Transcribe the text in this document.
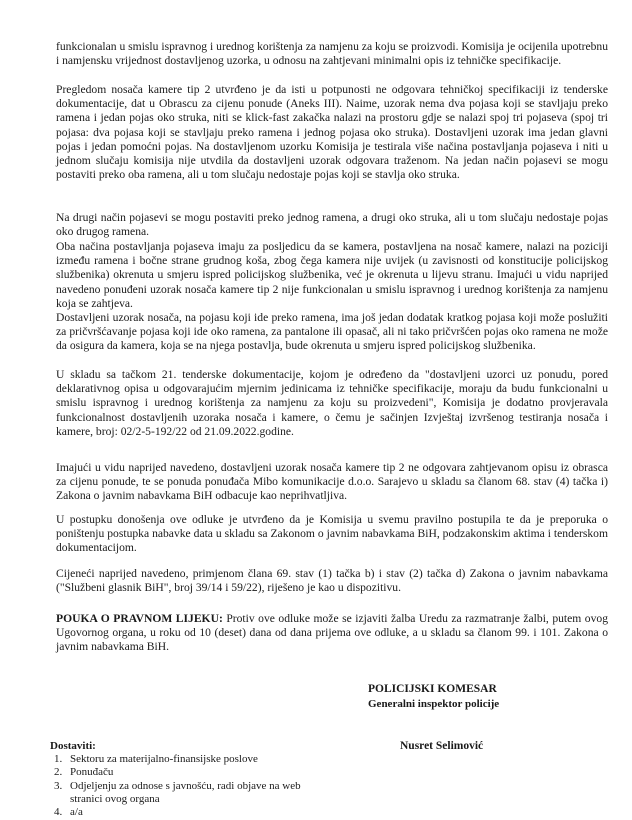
funkcionalan u smislu ispravnog i urednog korištenja za namjenu za koju se proizvodi. Komisija je ocijenila upotrebnu i namjensku vrijednost dostavljenog uzorka, u odnosu na zahtjevani minimalni opis iz tehničke specifikacije.
Pregledom nosača kamere tip 2 utvrđeno je da isti u potpunosti ne odgovara tehničkoj specifikaciji iz tenderske dokumentacije, dat u Obrascu za cijenu ponude (Aneks III). Naime, uzorak nema dva pojasa koji se stavljaju preko ramena i jedan pojas oko struka, niti se klick-fast zakačka nalazi na prostoru gdje se nalazi spoj tri pojaseva (spoj tri pojasa: dva pojasa koji se stavljaju preko ramena i jednog pojasa oko struka). Dostavljeni uzorak ima jedan glavni pojas i jedan pomoćni pojas. Na dostavljenom uzorku Komisija je testirala više načina postavljanja pojaseva i niti u jednom slučaju komisija nije utvdila da dostavljeni uzorak odgovara traženom. Na jedan način pojasevi se mogu postaviti preko oba ramena, ali u tom slučaju nedostaje pojas koji se stavlja oko struka.
Na drugi način pojasevi se mogu postaviti preko jednog ramena, a drugi oko struka, ali u tom slučaju nedostaje pojas oko drugog ramena.
Oba načina postavljanja pojaseva imaju za posljedicu da se kamera, postavljena na nosač kamere, nalazi na poziciji između ramena i bočne strane grudnog koša, zbog čega kamera nije uvijek (u zavisnosti od konstitucije policijskog službenika) okrenuta u smjeru ispred policijskog službenika, već je okrenuta u lijevu stranu. Imajući u vidu naprijed navedeno ponuđeni uzorak nosača kamere tip 2 nije funkcionalan u smislu ispravnog i urednog korištenja za namjenu koja se zahtjeva.
Dostavljeni uzorak nosača, na pojasu koji ide preko ramena, ima još jedan dodatak kratkog pojasa koji može poslužiti za pričvršćavanje pojasa koji ide oko ramena, za pantalone ili opasač, ali ni tako pričvršćen pojas oko ramena ne može da osigura da kamera, koja se na njega postavlja, bude okrenuta u smjeru ispred policijskog službenika.
U skladu sa tačkom 21. tenderske dokumentacije, kojom je određeno da "dostavljeni uzorci uz ponudu, pored deklarativnog opisa u odgovarajućim mjernim jedinicama iz tehničke specifikacije, moraju da budu funkcionalni u smislu ispravnog i urednog korištenja za namjenu za koju su proizvedeni", Komisija je dodatno provjeravala funkcionalnost dostavljenih uzoraka nosača i kamere, o čemu je sačinjen Izvještaj izvršenog testiranja nosača i kamere, broj: 02/2-5-192/22 od 21.09.2022.godine.
Imajući u vidu naprijed navedeno, dostavljeni uzorak nosača kamere tip 2 ne odgovara zahtjevanom opisu iz obrasca za cijenu ponude, te se ponuda ponuđača Mibo komunikacije d.o.o. Sarajevo u skladu sa članom 68. stav (4) tačka i) Zakona o javnim nabavkama BiH odbacuje kao neprihvatljiva.
U postupku donošenja ove odluke je utvrđeno da je Komisija u svemu pravilno postupila te da je preporuka o poništenju postupka nabavke data u skladu sa Zakonom o javnim nabavkama BiH, podzakonskim aktima i tenderskom dokumentacijom.
Cijeneći naprijed navedeno, primjenom člana 69. stav (1) tačka b) i stav (2) tačka d) Zakona o javnim nabavkama ("Službeni glasnik BiH", broj 39/14 i 59/22), riješeno je kao u dispozitivu.
POUKA O PRAVNOM LIJEKU: Protiv ove odluke može se izjaviti žalba Uredu za razmatranje žalbi, putem ovog Ugovornog organa, u roku od 10 (deset) dana od dana prijema ove odluke, a u skladu sa članom 99. i 101. Zakona o javnim nabavkama BiH.
POLICIJSKI KOMESAR
Generalni inspektor policije
Nusret Selimović
Dostaviti:
1. Sektoru za materijalno-finansijske poslove
2. Ponuđaču
3. Odjeljenju za odnose s javnošću, radi objave na web stranici ovog organa
4. a/a
